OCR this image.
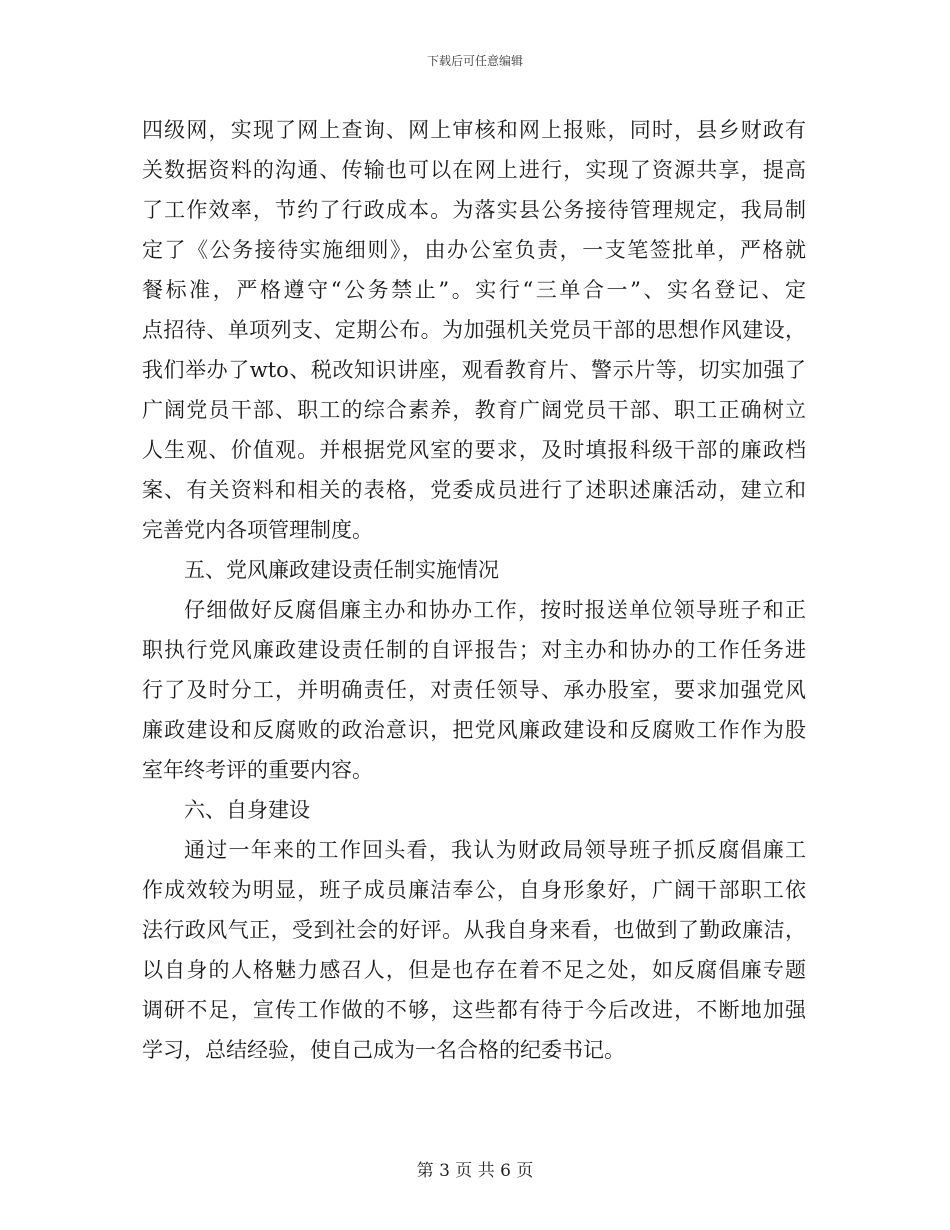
下载后可任意编辑
四级网，实现了网上查询、网上审核和网上报账，同时，县乡财政有
关数据资料的沟通、传输也可以在网上进行，实现了资源共享，提高
了工作效率，节约了行政成本。为落实县公务接待管理规定，我局制
定了《公务接待实施细则》，由办公室负责，一支笔签批单，严格就
餐标准，严格遵守“公务禁止”。实行“三单合一”、实名登记、定
点招待、单项列支、定期公布。为加强机关党员干部的思想作风建设，
我们举办了wto、税改知识讲座，观看教育片、警示片等，切实加强了
广阔党员干部、职工的综合素养，教育广阔党员干部、职工正确树立
人生观、价值观。并根据党风室的要求，及时填报科级干部的廉政档
案、有关资料和相关的表格，党委成员进行了述职述廉活动，建立和
完善党内各项管理制度。
五、党风廉政建设责任制实施情况
仔细做好反腐倡廉主办和协办工作，按时报送单位领导班子和正
职执行党风廉政建设责任制的自评报告；对主办和协办的工作任务进
行了及时分工，并明确责任，对责任领导、承办股室，要求加强党风
廉政建设和反腐败的政治意识，把党风廉政建设和反腐败工作作为股
室年终考评的重要内容。
六、自身建设
通过一年来的工作回头看，我认为财政局领导班子抓反腐倡廉工
作成效较为明显，班子成员廉洁奉公，自身形象好，广阔干部职工依
法行政风气正，受到社会的好评。从我自身来看，也做到了勤政廉洁，
以自身的人格魅力感召人，但是也存在着不足之处，如反腐倡廉专题
调研不足，宣传工作做的不够，这些都有待于今后改进，不断地加强
学习，总结经验，使自己成为一名合格的纪委书记。
第 3 页 共 6 页
